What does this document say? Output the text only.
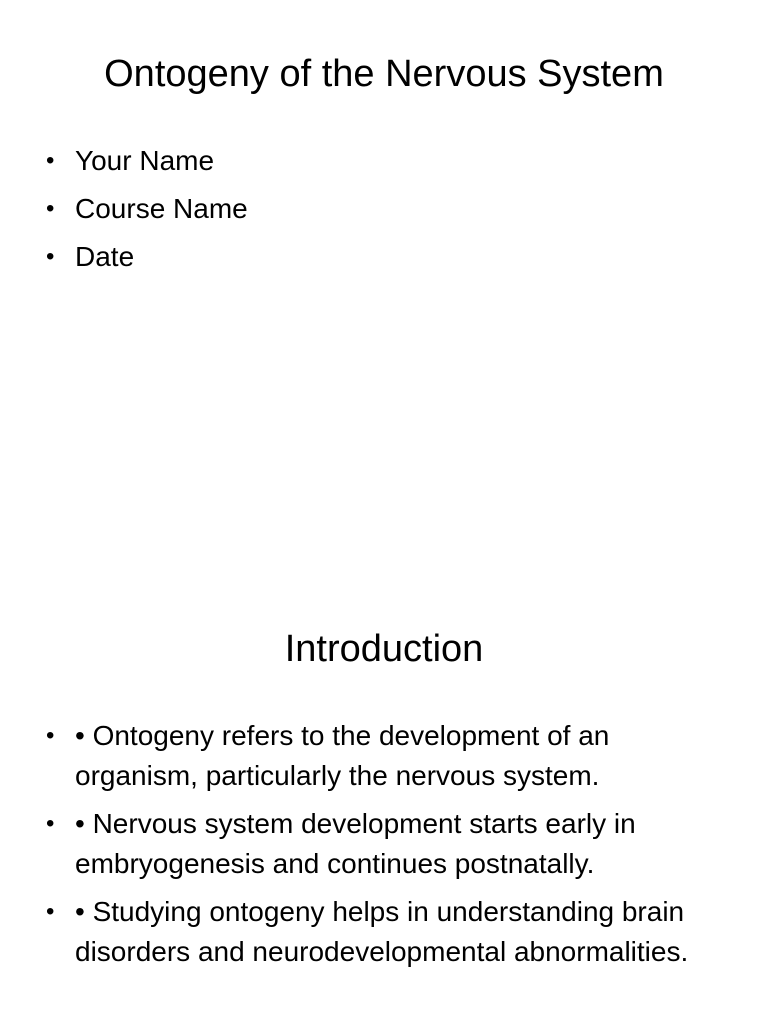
Ontogeny of the Nervous System
• Your Name
• Course Name
• Date
Introduction
• • Ontogeny refers to the development of an organism, particularly the nervous system.
• • Nervous system development starts early in embryogenesis and continues postnatally.
• • Studying ontogeny helps in understanding brain disorders and neurodevelopmental abnormalities.
